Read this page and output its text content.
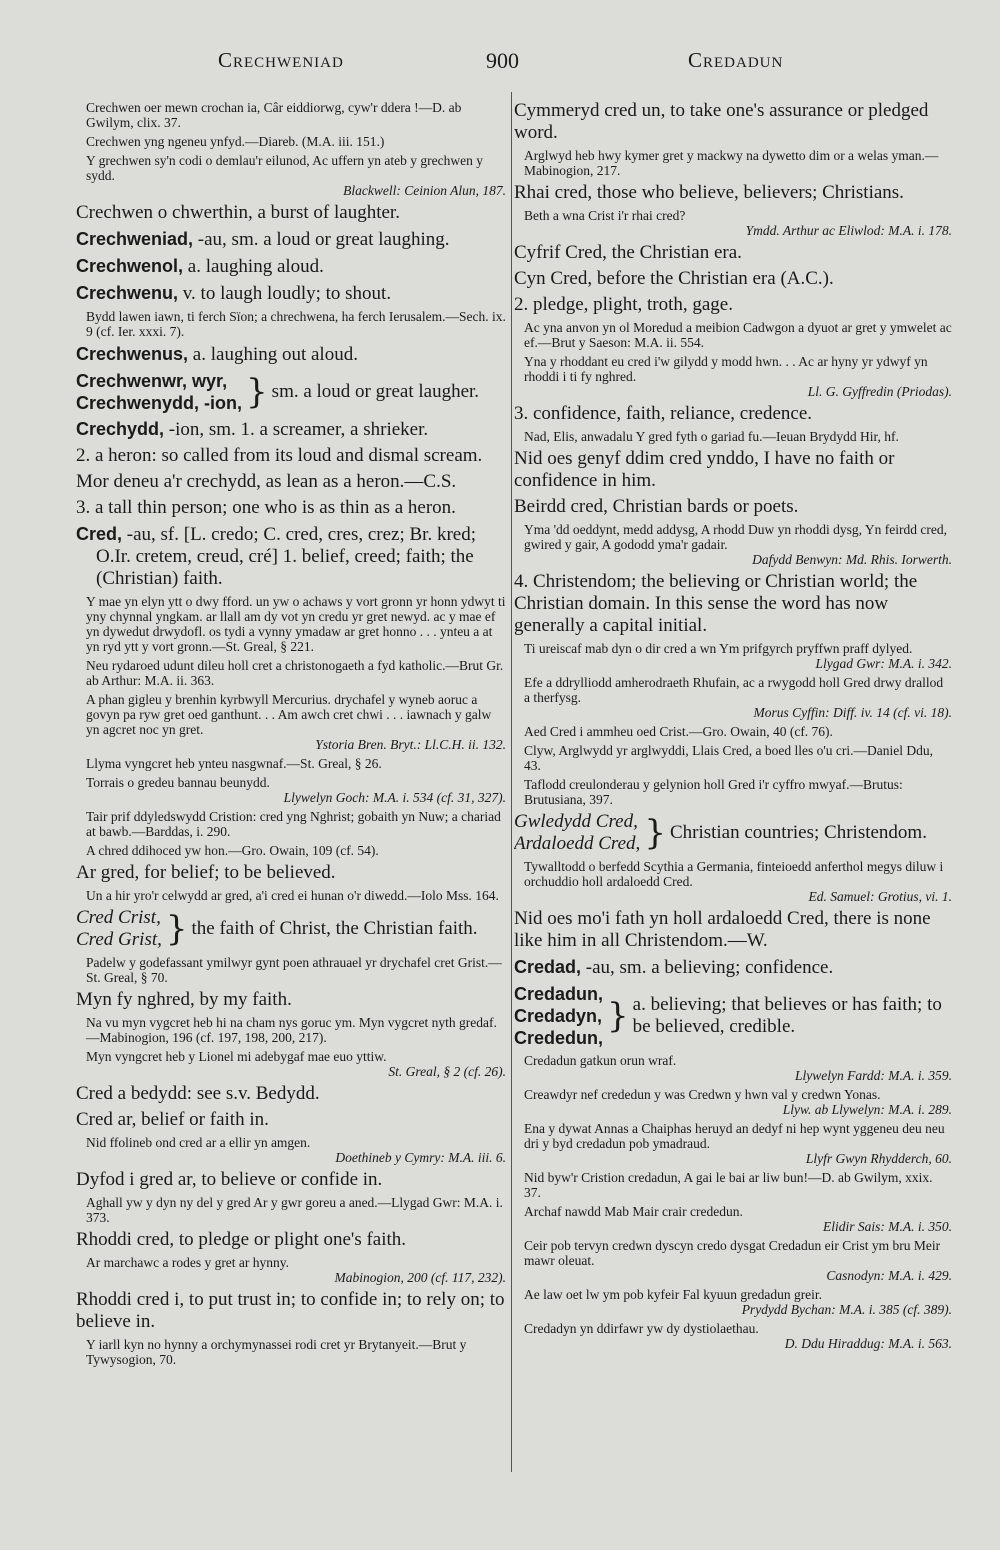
Crechweniad	900	Credadun
Crechwen oer mewn crochan ia, Câr eiddiorwg, cyw'r ddera !—D. ab Gwilym, clix. 37.
Crechwen yng ngeneu ynfyd.—Diareb. (M.A. iii. 151.)
Y grechwen sy'n codi o demlau'r eilunod, Ac uffern yn ateb y grechwen y sydd.
Blackwell: Ceinion Alun, 187.
Crechwen o chwerthin, a burst of laughter.
Crechweniad, -au, sm. a loud or great laughing.
Crechwenol, a. laughing aloud.
Crechwenu, v. to laugh loudly; to shout.
Bydd lawen iawn, ti ferch Sïon; a chrechwena, ha ferch Ierusalem.—Sech. ix. 9 (cf. Ier. xxxi. 7).
Crechwenus, a. laughing out aloud.
Crechwenwr, wyr,
Crechwenydd, -ion, } sm. a loud or great laugher.
Crechydd, -ion, sm. 1. a screamer, a shrieker.
2. a heron: so called from its loud and dismal scream.
Mor deneu a'r crechydd, as lean as a heron.—C.S.
3. a tall thin person; one who is as thin as a heron.
Cred, -au, sf. [L. credo; C. cred, cres, crez; Br. kred; O.Ir. cretem, creud, cré] 1. belief, creed; faith; the (Christian) faith.
Y mae yn elyn ytt o dwy fford. un yw o achaws y vort gronn yr honn ydwyt ti yny chynnal yngkam. ar llall am dy vot yn credu yr gret newyd. ac y mae ef yn dywedut drwydofl. os tydi a vynny ymadaw ar gret honno . . . ynteu a at yn ryd ytt y vort gronn.—St. Greal, § 221.
Neu rydaroed udunt dileu holl cret a christonogaeth a fyd katholic.—Brut Gr. ab Arthur: M.A. ii. 363.
A phan gigleu y brenhin kyrbwyll Mercurius. drychafel y wyneb aoruc a govyn pa ryw gret oed ganthunt. . . Am awch cret chwi . . . iawnach y galw yn agcret noc yn gret.
Ystoria Bren. Bryt.: Ll.C.H. ii. 132.
Llyma vyngcret heb ynteu nasgwnaf.—St. Greal, § 26.
Torrais o gredeu bannau beunydd.
Llywelyn Goch: M.A. i. 534 (cf. 31, 327).
Tair prif ddyledswydd Cristion: cred yng Nghrist; gobaith yn Nuw; a chariad at bawb.—Barddas, i. 290.
A chred ddihoced yw hon.—Gro. Owain, 109 (cf. 54).
Ar gred, for belief; to be believed.
Un a hir yro'r celwydd ar gred, a'i cred ei hunan o'r diwedd.—Iolo Mss. 164.
Cred Crist,
Cred Grist, } the faith of Christ, the Christian faith.
Padelw y godefassant ymilwyr gynt poen athrauael yr drychafel cret Grist.—St. Greal, § 70.
Myn fy nghred, by my faith.
Na vu myn vygcret heb hi na cham nys goruc ym. Myn vygcret nyth gredaf.—Mabinogion, 196 (cf. 197, 198, 200, 217).
Myn vyngcret heb y Lionel mi adebygaf mae euo yttiw.
St. Greal, § 2 (cf. 26).
Cred a bedydd: see s.v. Bedydd.
Cred ar, belief or faith in.
Nid ffolineb ond cred ar a ellir yn amgen.
Doethineb y Cymry: M.A. iii. 6.
Dyfod i gred ar, to believe or confide in.
Aghall yw y dyn ny del y gred Ar y gwr goreu a aned.—Llygad Gwr: M.A. i. 373.
Rhoddi cred, to pledge or plight one's faith.
Ar marchawc a rodes y gret ar hynny.
Mabinogion, 200 (cf. 117, 232).
Rhoddi cred i, to put trust in; to confide in; to rely on; to believe in.
Y iarll kyn no hynny a orchymynassei rodi cret yr Brytanyeit.—Brut y Tywysogion, 70.
Cymmeryd cred un, to take one's assurance or pledged word.
Arglwyd heb hwy kymer gret y mackwy na dywetto dim or a welas yman.—Mabinogion, 217.
Rhai cred, those who believe, believers; Christians.
Beth a wna Crist i'r rhai cred?
Ymdd. Arthur ac Eliwlod: M.A. i. 178.
Cyfrif Cred, the Christian era.
Cyn Cred, before the Christian era (A.C.).
2. pledge, plight, troth, gage.
Ac yna anvon yn ol Moredud a meibion Cadwgon a dyuot ar gret y ymwelet ac ef.—Brut y Saeson: M.A. ii. 554.
Yna y rhoddant eu cred i'w gilydd y modd hwn. . . Ac ar hyny yr ydwyf yn rhoddi i ti fy nghred.
Ll. G. Gyffredin (Priodas).
3. confidence, faith, reliance, credence.
Nad, Elis, anwadalu Y gred fyth o gariad fu.—Ieuan Brydydd Hir, hf.
Nid oes genyf ddim cred ynddo, I have no faith or confidence in him.
Beirdd cred, Christian bards or poets.
Yma 'dd oeddynt, medd addysg, A rhodd Duw yn rhoddi dysg, Yn feirdd cred, gwired y gair, A gododd yma'r gadair.
Dafydd Benwyn: Md. Rhis. Iorwerth.
4. Christendom; the believing or Christian world; the Christian domain. In this sense the word has now generally a capital initial.
Ti ureiscaf mab dyn o dir cred a wn Ym prifgyrch pryffwn praff dylyed.
Llygad Gwr: M.A. i. 342.
Efe a ddrylliodd amherodraeth Rhufain, ac a rwygodd holl Gred drwy drallod a therfysg.
Morus Cyffin: Diff. iv. 14 (cf. vi. 18).
Aed Cred i ammheu oed Crist.—Gro. Owain, 40 (cf. 76).
Clyw, Arglwydd yr arglwyddi, Llais Cred, a boed lles o'u cri.—Daniel Ddu, 43.
Taflodd creulonderau y gelynion holl Gred i'r cyffro mwyaf.—Brutus: Brutusiana, 397.
Gwledydd Cred,
Ardaloedd Cred, } Christian countries; Christendom.
Tywalltodd o berfedd Scythia a Germania, finteioedd anferthol megys diluw i orchuddio holl ardaloedd Cred.
Ed. Samuel: Grotius, vi. 1.
Nid oes mo'i fath yn holl ardaloedd Cred, there is none like him in all Christendom.—W.
Credad, -au, sm. a believing; confidence.
Credadun,
Credadyn,
Crededun,
} a. believing; that believes or has faith; to be believed, credible.
Credadun gatkun orun wraf.
Llywelyn Fardd: M.A. i. 359.
Creawdyr nef crededun y was Credwn y hwn val y credwn Yonas.
Llyw. ab Llywelyn: M.A. i. 289.
Ena y dywat Annas a Chaiphas heruyd an dedyf ni hep wynt yggeneu deu neu dri y byd credadun pob ymadraud.
Llyfr Gwyn Rhydderch, 60.
Nid byw'r Cristion credadun, A gai le bai ar liw bun!—D. ab Gwilym, xxix. 37.
Archaf nawdd Mab Mair crair crededun.
Elidir Sais: M.A. i. 350.
Ceir pob tervyn credwn dyscyn credo dysgat Credadun eir Crist ym bru Meir mawr oleuat.
Casnodyn: M.A. i. 429.
Ae law oet lw ym pob kyfeir Fal kyuun gredadun greir.
Prydydd Bychan: M.A. i. 385 (cf. 389).
Credadyn yn ddirfawr yw dy dystiolaethau.
D. Ddu Hiraddug: M.A. i. 563.
